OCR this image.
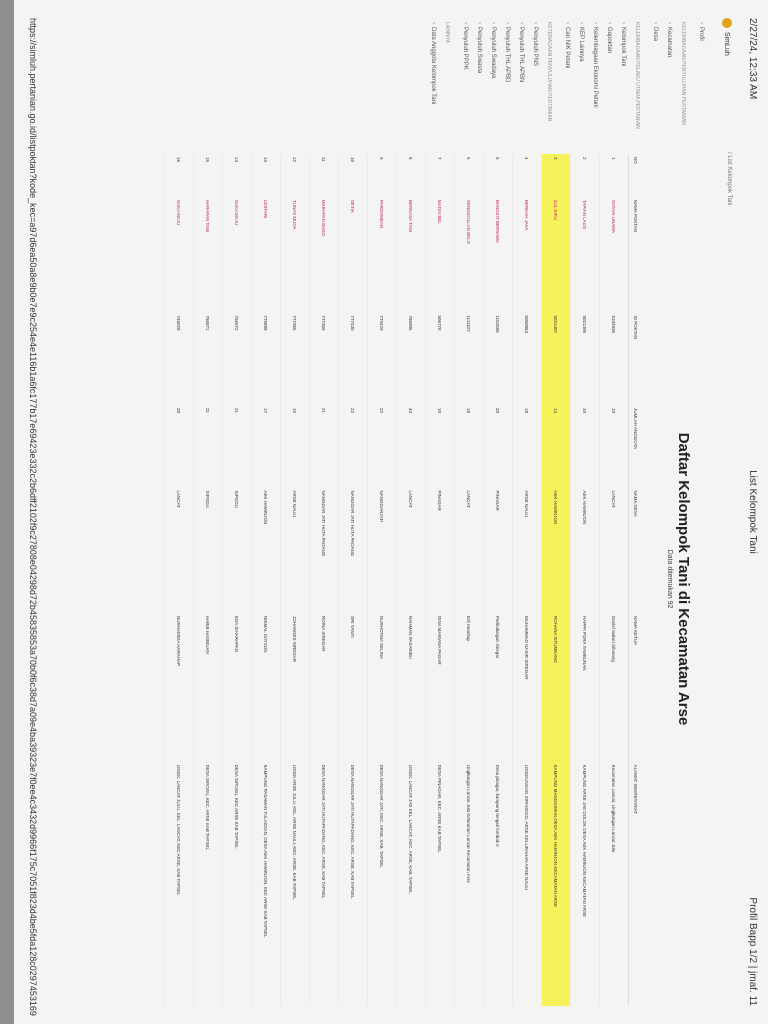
2/27/24, 12:33 AM
List Kelompok Tani
Profil Bapp 1/2 | jmaf. 11
SimLuh
›
Profil
KELEMBAGAAN PENYULUHAN PERTANIAN
›
Kecamatan
›
Desa
KELEMBAGAAN PELAKU UTAMA PERTANIAN
›
Kelompok Tani
›
Gapoktan
›
Kelembagaan Ekonomi Petani
›
KEP Lainnya
›
Cari NIK Petani
KETENAGAAN PENYULUHAN PERTANIAN
›
Penyuluh PNS
›
Penyuluh THL APBN
›
Penyuluh THL APBD
›
Penyuluh Swadaya
›
Penyuluh Swasta
›
Penyuluh PPPK
LAINNYA
›
Data Anggota Kelompok Tani
/ List Kelompok Tani
Daftar Kelompok Tani di Kecamatan Arse
Data ditemukan 92
NO	NAMA POKTAN	ID POKTAN	JUMLAH ANGGOTA	NAMA DESA	NAMA KETUA	ALAMAT SEKRETARIAT
1	SATAHI UNAMA	5104936	10	LANCAT	Daniel Sukari Sihotang	Kecamatan Lancat, Lingkungan Lancat Julu
2	TAPIAN LAOS	5021406	10	AEK HAMINJON	HAPPA PORA TAMBUNAN	KAMPUNG ARSE JAE DOLOK DESA AEK HAMINJON KECAMATAN ARSE
3	ZUL KIFLI	5021407	14	AEK HAMINJON	ROHANA SITUMEANG	KAMPUNG MANGGIWAN DESA AEK HAMINJON KECAMATAN ARSE
4	BERKAH JAYA	5050853	18	ARSE NAULI	MUHAMMAD NASIR SIREGAR	LINGKUNGAN SIPANGGO, ARSE KELURAHAN ARSE NAULI
5	BANGKIT BERSAMA	1152606	20	PINAGAR	Parlindungan Siregar	Desa pinagar, kampung tengah lombok II
6	SENGGOLLAN BELO	1111527	18	LANCAT	Erli Harahap	Lingkungan Lancat Julu Kelurahan Lancat Kecamatan Arse
7	MADAI BEL	506778	10	PINAGAR	DINA MARIANA PAGAR	DESA PINAGAR, KEC. ARSE KAB TAPSEL
8	BERKASA TANI	786005	43	LANCAT	RAHMAN PASARIBU	LINGK. LANCAT JAE KEL. LANCAT, KEC. ARSE, KAB. TAPSEL
9	PARDAMEAN	779429	22	NANGGARJATI	NURHOTMA SELINA	DESA NANGGAR JATI, KEC. ARSE, KAB. TAPSEL
10	SETIA	777430	22	NANGGAR JATI HUTA PADANG	SRI YANTI	DESA NANGGAR JATI HUTAPADANG, KEC. ARSE, KAB TAPSEL
11	MARAPAN BAGO	777359	21	NANGGAR JATI HUTA PADANG	ROINA SIREGAR	DESA NANGGAR JATI HUTAPADANG, KEC. ARSE, KAB TAPSEL
12	TUNAS MUDA	777355	19	ARSE NAULI	JOHANNES SIREGAR	LINGK ARSE JULU, KEL. ARSE NAULI, KEC. ARSE, KAB TAPSEL
13	LESTARI	776888	17	AEK HAMINJON	NIKMAL DAYSON	KAMPUNG PASAMAN TULAIDIAN, DESA AEK HAMINJON, KEC ARSE KAB TAPSEL
14	SUKA MAJU	756972	21	SIPOGU	EDA SIHARAPAN	DESA SIPOGU, KEC ARSE KAB TAPSEL
15	HARAPAN TANI	755871	21	SIPOGU	HABIB HASIBUAN	DESA SIPOGU, KEC. ARSE KAB TAPSEL
16	SUKA MAJU	745028	20	LANCAT	NURHAMIDA HARAHAP	LINGK. LANCAT JULU, KEL. LANCAT, KEC ARSE, KAB TAPSEL
https://simluh.pertanian.go.id/listpoktan?kode_kec=a97d6ea50a8e9b0e7e9c254e4e116b1a6fc177b17e69423e332c2b6dff2102f9c27808e04298d72b45835853a70b0f6c38d7a09e4ba39323e7f0ee4c3432d9966f175c7051f823d4be5fda128c0297453169
